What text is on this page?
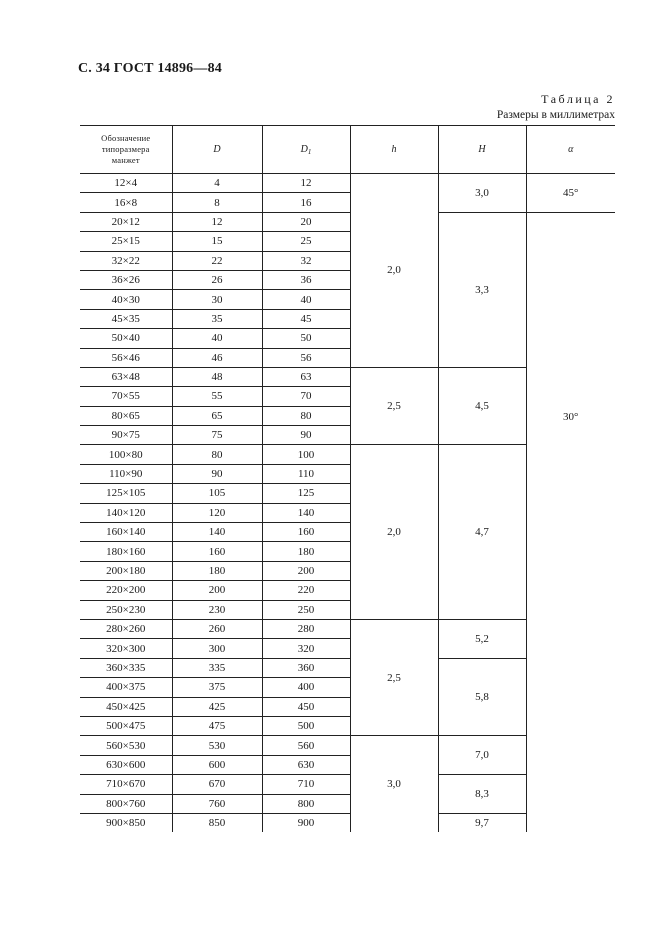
С. 34 ГОСТ 14896—84
Таблица 2
Размеры в миллиметрах
Обозначение
типоразмера
манжет	D	$D_1$	h	H	α
12×4	4	12	2,0	3,0	45°
16×8	8	16			
20×12	12	20		3,3	30°
25×15	15	25			
32×22	22	32			
36×26	26	36			
40×30	30	40			
45×35	35	45			
50×40	40	50			
56×46	46	56			
63×48	48	63	2,5	4,5	
70×55	55	70			
80×65	65	80			
90×75	75	90			
100×80	80	100	2,0	4,7	
110×90	90	110			
125×105	105	125			
140×120	120	140			
160×140	140	160			
180×160	160	180			
200×180	180	200			
220×200	200	220			
250×230	230	250			
280×260	260	280	2,5	5,2	
320×300	300	320			
360×335	335	360		5,8	
400×375	375	400			
450×425	425	450			
500×475	475	500			
560×530	530	560	3,0	7,0	
630×600	600	630			
710×670	670	710		8,3	
800×760	760	800			
900×850	850	900		9,7	
